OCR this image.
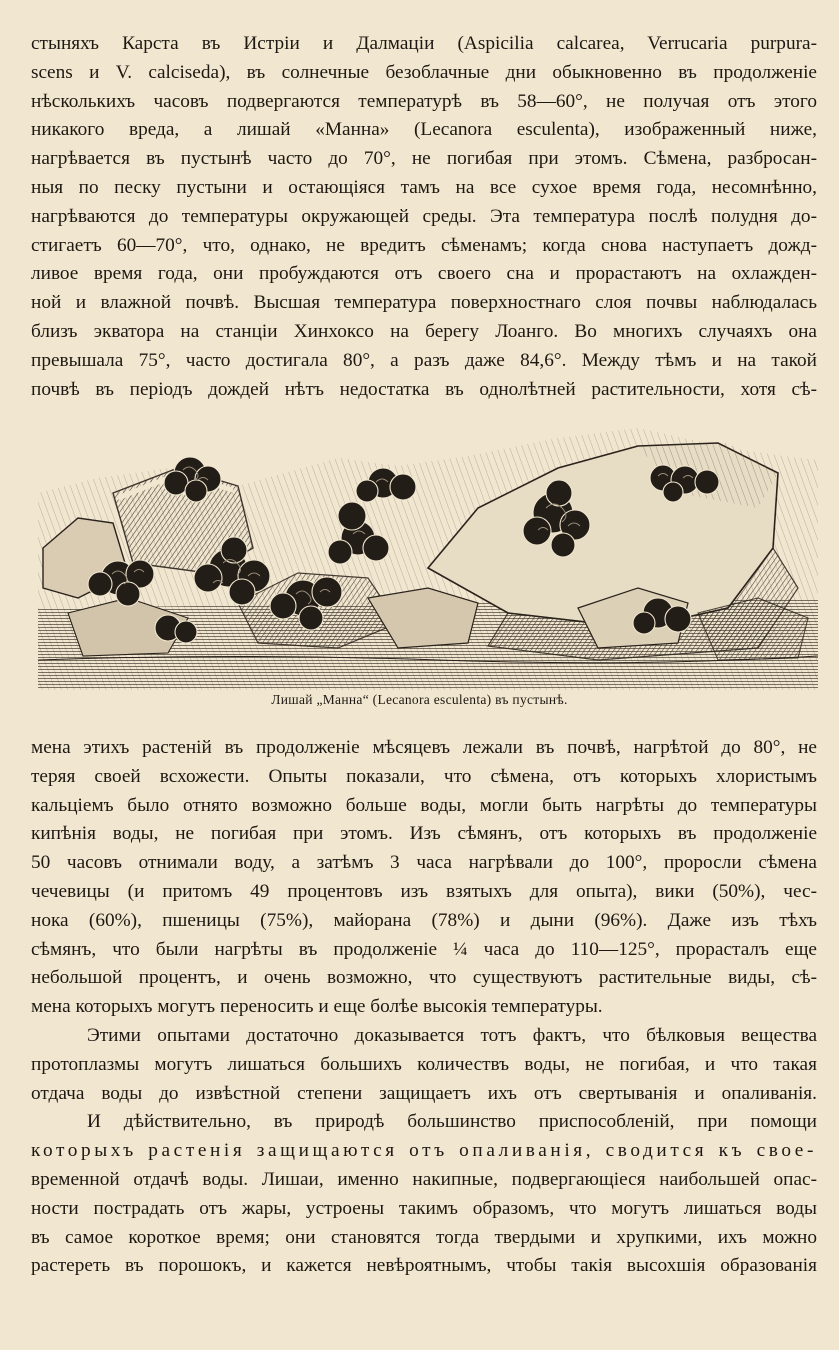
стыняхъ Карста въ Истріи и Далмаціи (Aspicilia calcarea, Verrucaria purpura-
scens и V. calciseda), въ солнечные безоблачные дни обыкновенно въ продолженіе
нѣсколькихъ часовъ подвергаются температурѣ въ 58—60°, не получая отъ этого
никакого вреда, а лишай «Манна» (Lecanora esculenta), изображенный ниже,
нагрѣвается въ пустынѣ часто до 70°, не погибая при этомъ. Сѣмена, разбросан-
ныя по песку пустыни и остающіяся тамъ на все сухое время года, несомнѣнно,
нагрѣваются до температуры окружающей среды. Эта температура послѣ полудня до-
стигаетъ 60—70°, что, однако, не вредитъ сѣменамъ; когда снова наступаетъ дожд-
ливое время года, они пробуждаются отъ своего сна и прорастаютъ на охлажден-
ной и влажной почвѣ. Высшая температура поверхностнаго слоя почвы наблюдалась
близъ экватора на станціи Хинхоксо на берегу Лоанго. Во многихъ случаяхъ она
превышала 75°, часто достигала 80°, а разъ даже 84,6°. Между тѣмъ и на такой
почвѣ въ періодъ дождей нѣтъ недостатка въ однолѣтней растительности, хотя сѣ-
Лишай „Манна“ (Lecanora esculenta) въ пустынѣ.
мена этихъ растеній въ продолженіе мѣсяцевъ лежали въ почвѣ, нагрѣтой до 80°, не
теряя своей всхожести. Опыты показали, что сѣмена, отъ которыхъ хлористымъ
кальціемъ было отнято возможно больше воды, могли быть нагрѣты до температуры
кипѣнія воды, не погибая при этомъ. Изъ сѣмянъ, отъ которыхъ въ продолженіе
50 часовъ отнимали воду, а затѣмъ 3 часа нагрѣвали до 100°, проросли сѣмена
чечевицы (и притомъ 49 процентовъ изъ взятыхъ для опыта), вики (50%), чес-
нока (60%), пшеницы (75%), майорана (78%) и дыни (96%). Даже изъ тѣхъ
сѣмянъ, что были нагрѣты въ продолженіе ¼ часа до 110—125°, прорасталъ еще
небольшой процентъ, и очень возможно, что существуютъ растительные виды, сѣ-
мена которыхъ могутъ переносить и еще болѣе высокія температуры.
Этими опытами достаточно доказывается тотъ фактъ, что бѣлковыя вещества
протоплазмы могутъ лишаться большихъ количествъ воды, не погибая, и что такая
отдача воды до извѣстной степени защищаетъ ихъ отъ свертыванія и опаливанія.
И дѣйствительно, въ природѣ большинство приспособленій, при помощи
которыхъ растенія защищаются отъ опаливанія, сводится къ свое-
временной отдачѣ воды. Лишаи, именно накипные, подвергающіеся наибольшей опас-
ности пострадать отъ жары, устроены такимъ образомъ, что могутъ лишаться воды
въ самое короткое время; они становятся тогда твердыми и хрупкими, ихъ можно
растереть въ порошокъ, и кажется невѣроятнымъ, чтобы такія высохшія образованія
